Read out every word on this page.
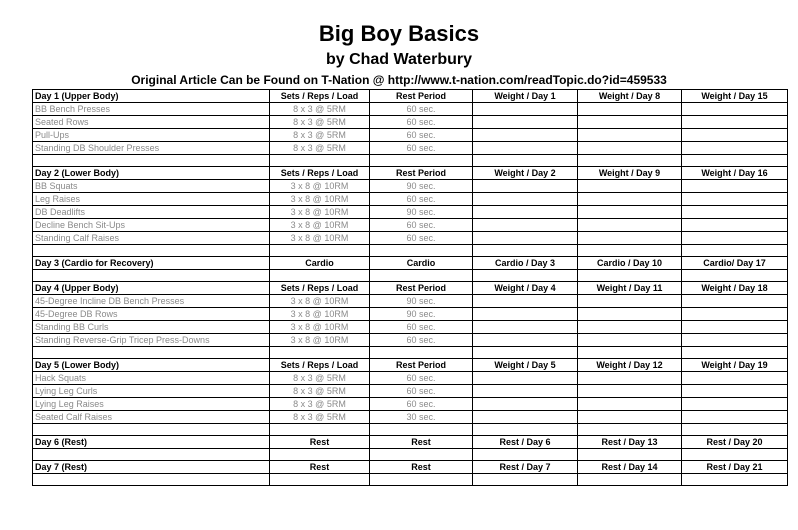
Big Boy Basics
by Chad Waterbury
Original Article Can be Found on T-Nation @ http://www.t-nation.com/readTopic.do?id=459533
Day 1 (Upper Body)	Sets / Reps / Load	Rest Period	Weight / Day 1	Weight / Day 8	Weight / Day 15
BB Bench Presses	8 x 3 @ 5RM	60 sec.			
Seated Rows	8 x 3 @ 5RM	60 sec.			
Pull-Ups	8 x 3 @ 5RM	60 sec.			
Standing DB Shoulder Presses	8 x 3 @ 5RM	60 sec.			

Day 2 (Lower Body)	Sets / Reps / Load	Rest Period	Weight / Day 2	Weight / Day 9	Weight / Day 16
BB Squats	3 x 8 @ 10RM	90 sec.			
Leg Raises	3 x 8 @ 10RM	60 sec.			
DB Deadlifts	3 x 8 @ 10RM	90 sec.			
Decline Bench Sit-Ups	3 x 8 @ 10RM	60 sec.			
Standing Calf Raises	3 x 8 @ 10RM	60 sec.			

Day 3 (Cardio for Recovery)	Cardio	Cardio	Cardio / Day 3	Cardio / Day 10	Cardio/ Day 17

Day 4 (Upper Body)	Sets / Reps / Load	Rest Period	Weight / Day 4	Weight / Day 11	Weight / Day 18
45-Degree Incline DB Bench Presses	3 x 8 @ 10RM	90 sec.			
45-Degree DB Rows	3 x 8 @ 10RM	90 sec.			
Standing BB Curls	3 x 8 @ 10RM	60 sec.			
Standing Reverse-Grip Tricep Press-Downs	3 x 8 @ 10RM	60 sec.			

Day 5 (Lower Body)	Sets / Reps / Load	Rest Period	Weight / Day 5	Weight / Day 12	Weight / Day 19
Hack Squats	8 x 3 @ 5RM	60 sec.			
Lying Leg Curls	8 x 3 @ 5RM	60 sec.			
Lying Leg Raises	8 x 3 @ 5RM	60 sec.			
Seated Calf Raises	8 x 3 @ 5RM	30 sec.			

Day 6 (Rest)	Rest	Rest	Rest / Day 6	Rest / Day 13	Rest / Day 20

Day 7 (Rest)	Rest	Rest	Rest / Day 7	Rest / Day 14	Rest / Day 21
